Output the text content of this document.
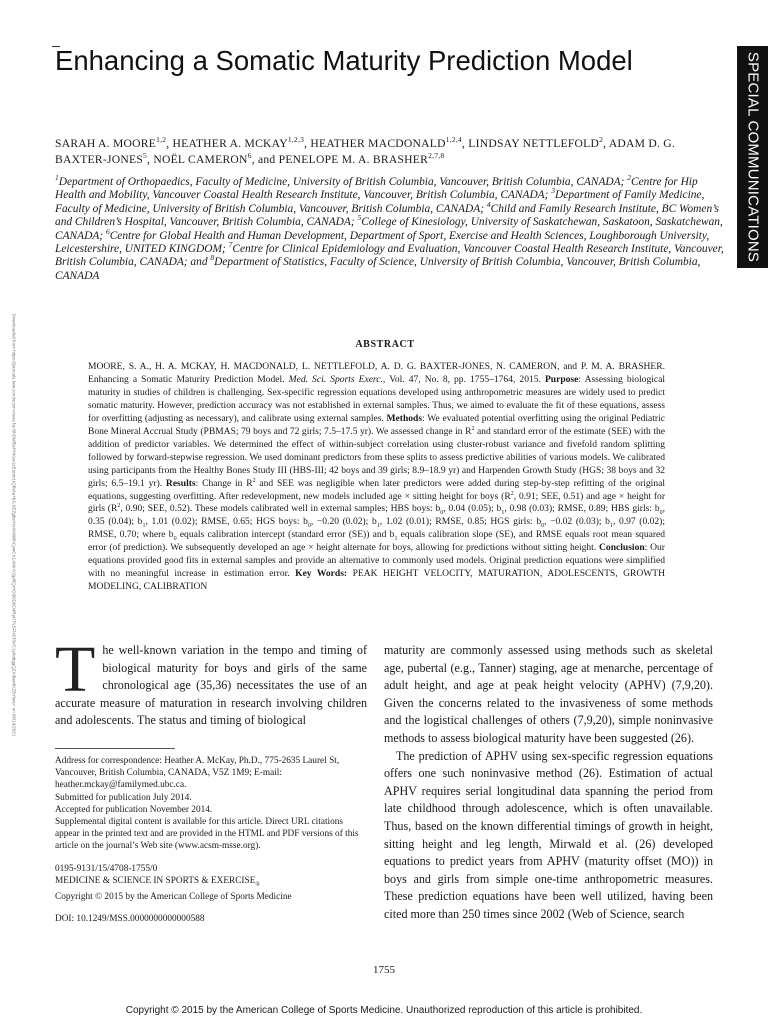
Enhancing a Somatic Maturity Prediction Model	SPECIAL COMMUNICATIONS
SARAH A. MOORE$^{1,2}$, HEATHER A. MCKAY$^{1,2,3}$, HEATHER MACDONALD$^{1,2,4}$, LINDSAY NETTLEFOLD$^2$, ADAM D. G. BAXTER-JONES$^5$, NOËL CAMERON$^6$, and PENELOPE M. A. BRASHER$^{2,7,8}$
$^1$Department of Orthopaedics, Faculty of Medicine, University of British Columbia, Vancouver, British Columbia, CANADA; $^2$Centre for Hip Health and Mobility, Vancouver Coastal Health Research Institute, Vancouver, British Columbia, CANADA; $^3$Department of Family Medicine, Faculty of Medicine, University of British Columbia, Vancouver, British Columbia, CANADA; $^4$Child and Family Research Institute, BC Women’s and Children’s Hospital, Vancouver, British Columbia, CANADA; $^5$College of Kinesiology, University of Saskatchewan, Saskatoon, Saskatchewan, CANADA; $^6$Centre for Global Health and Human Development, Department of Sport, Exercise and Health Sciences, Loughborough University, Leicestershire, UNITED KINGDOM; $^7$Centre for Clinical Epidemiology and Evaluation, Vancouver Coastal Health Research Institute, Vancouver, British Columbia, CANADA; and $^8$Department of Statistics, Faculty of Science, University of British Columbia, Vancouver, British Columbia, CANADA
Downloaded from https://journals.lww.com/acsm-msse by BhDMf5ePHKav1zEoum1tQfN4a+kJLhEZgbsIHo4XMi0hCywCX1AWnYQp/IlQrHD3i3D0OdRyi7TvSFl4Cf3VC1y0abggQZXdtwnfKZBYtws= on 08/19/2021	ABSTRACT

MOORE, S. A., H. A. MCKAY, H. MACDONALD, L. NETTLEFOLD, A. D. G. BAXTER-JONES, N. CAMERON, and P. M. A. BRASHER. Enhancing a Somatic Maturity Prediction Model. Med. Sci. Sports Exerc., Vol. 47, No. 8, pp. 1755–1764, 2015. Purpose: Assessing biological maturity in studies of children is challenging. Sex-specific regression equations developed using anthropometric measures are widely used to predict somatic maturity. However, prediction accuracy was not established in external samples. Thus, we aimed to evaluate the fit of these equations, assess for overfitting (adjusting as necessary), and calibrate using external samples. Methods: We evaluated potential overfitting using the original Pediatric Bone Mineral Accrual Study (PBMAS; 79 boys and 72 girls; 7.5–17.5 yr). We assessed change in $R^2$ and standard error of the estimate (SEE) with the addition of predictor variables. We determined the effect of within-subject correlation using cluster-robust variance and fivefold random splitting followed by forward-stepwise regression. We used dominant predictors from these splits to assess predictive abilities of various models. We calibrated using participants from the Healthy Bones Study III (HBS-III; 42 boys and 39 girls; 8.9–18.9 yr) and Harpenden Growth Study (HGS; 38 boys and 32 girls; 6.5–19.1 yr). Results: Change in $R^2$ and SEE was negligible when later predictors were added during step-by-step refitting of the original equations, suggesting overfitting. After redevelopment, new models included age × sitting height for boys ($R^2$, 0.91; SEE, 0.51) and age × height for girls ($R^2$, 0.90; SEE, 0.52). These models calibrated well in external samples; HBS boys: $b_0$, 0.04 (0.05); $b_1$, 0.98 (0.03); RMSE, 0.89; HBS girls: $b_0$, 0.35 (0.04); $b_1$, 1.01 (0.02); RMSE, 0.65; HGS boys: $b_0$, −0.20 (0.02); $b_1$, 1.02 (0.01); RMSE, 0.85; HGS girls: $b_0$, −0.02 (0.03); $b_1$, 0.97 (0.02); RMSE, 0.70; where $b_0$ equals calibration intercept (standard error (SE)) and $b_1$ equals calibration slope (SE), and RMSE equals root mean squared error (of prediction). We subsequently developed an age × height alternate for boys, allowing for predictions without sitting height. Conclusion: Our equations provided good fits in external samples and provide an alternative to commonly used models. Original prediction equations were simplified with no meaningful increase in estimation error. Key Words: PEAK HEIGHT VELOCITY, MATURATION, ADOLESCENTS, GROWTH MODELING, CALIBRATION

The well-known variation in the tempo and timing of biological maturity for boys and girls of the same chronological age (35,36) necessitates the use of an accurate measure of maturation in research involving children and adolescents. The status and timing of biological

Address for correspondence: Heather A. McKay, Ph.D., 775-2635 Laurel St, Vancouver, British Columbia, CANADA, V5Z 1M9; E-mail: heather.mckay@familymed.ubc.ca.

Submitted for publication July 2014.

Accepted for publication November 2014.

Supplemental digital content is available for this article. Direct URL citations appear in the printed text and are provided in the HTML and PDF versions of this article on the journal’s Web site (www.acsm-msse.org).

0195-9131/15/4708-1755/0

MEDICINE & SCIENCE IN SPORTS & $EXERCISE_®$

Copyright © 2015 by the American College of Sports Medicine

DOI: 10.1249/MSS.0000000000000588

maturity are commonly assessed using methods such as skeletal age, pubertal (e.g., Tanner) staging, age at menarche, percentage of adult height, and age at peak height velocity (APHV) (7,9,20). Given the concerns related to the invasiveness of some methods and the logistical challenges of others (7,9,20), simple noninvasive methods to assess biological maturity have been suggested (26).

The prediction of APHV using sex-specific regression equations offers one such noninvasive method (26). Estimation of actual APHV requires serial longitudinal data spanning the period from late childhood through adolescence, which is often unavailable. Thus, based on the known differential timings of growth in height, sitting height and leg length, Mirwald et al. (26) developed equations to predict years from APHV (maturity offset (MO)) in boys and girls from simple one-time anthropometric measures. These prediction equations have been well utilized, having been cited more than 250 times since 2002 (Web of Science, search

1755
Copyright © 2015 by the American College of Sports Medicine. Unauthorized reproduction of this article is prohibited.
